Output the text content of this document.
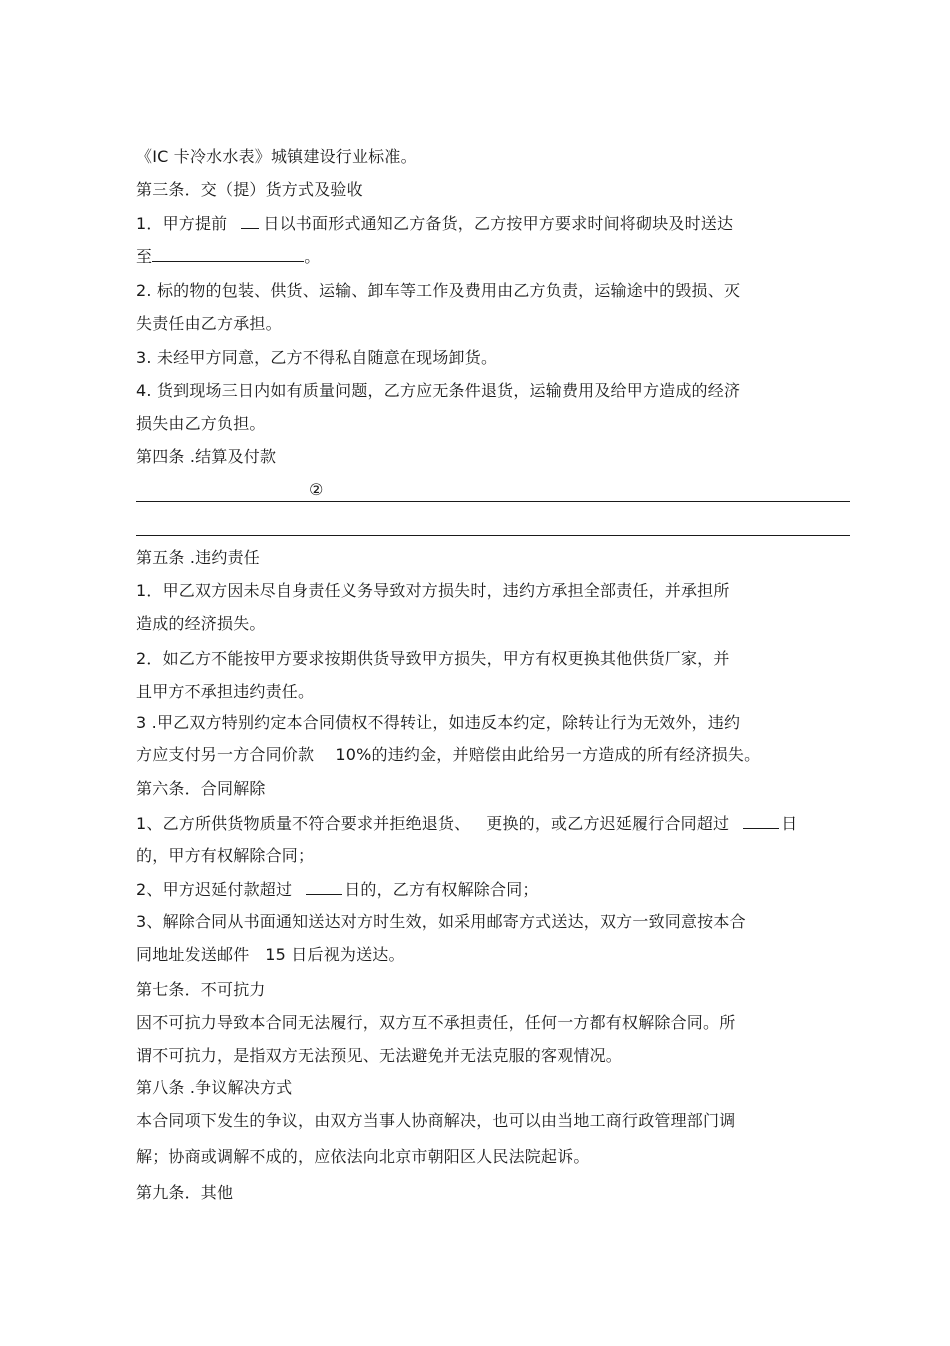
《IC 卡冷水水表》城镇建设行业标准。
第三条．交（提）货方式及验收
1．甲方提前 日以书面形式通知乙方备货，乙方按甲方要求时间将砌块及时送达
至	。
2. 标的物的包装、供货、运输、卸车等工作及费用由乙方负责，运输途中的毁损、灭
失责任由乙方承担。
3. 未经甲方同意，乙方不得私自随意在现场卸货。
4. 货到现场三日内如有质量问题，乙方应无条件退货，运输费用及给甲方造成的经济
损失由乙方负担。
第四条 .结算及付款
②
第五条 .违约责任
1．甲乙双方因未尽自身责任义务导致对方损失时，违约方承担全部责任，并承担所
造成的经济损失。
2．如乙方不能按甲方要求按期供货导致甲方损失，甲方有权更换其他供货厂家，并
且甲方不承担违约责任。
3 .甲乙双方特别约定本合同债权不得转让，如违反本约定，除转让行为无效外，违约
方应支付另一方合同价款    10%的违约金，并赔偿由此给另一方造成的所有经济损失。
第六条．合同解除
1、乙方所供货物质量不符合要求并拒绝退货、   更换的，或乙方迟延履行合同超过	日
的，甲方有权解除合同；
2、甲方迟延付款超过	日的，乙方有权解除合同；
3、解除合同从书面通知送达对方时生效，如采用邮寄方式送达，双方一致同意按本合
同地址发送邮件   15 日后视为送达。
第七条．不可抗力
因不可抗力导致本合同无法履行，双方互不承担责任，任何一方都有权解除合同。所
谓不可抗力，是指双方无法预见、无法避免并无法克服的客观情况。
第八条 .争议解决方式
本合同项下发生的争议，由双方当事人协商解决，也可以由当地工商行政管理部门调
解；协商或调解不成的，应依法向北京市朝阳区人民法院起诉。
第九条．其他
